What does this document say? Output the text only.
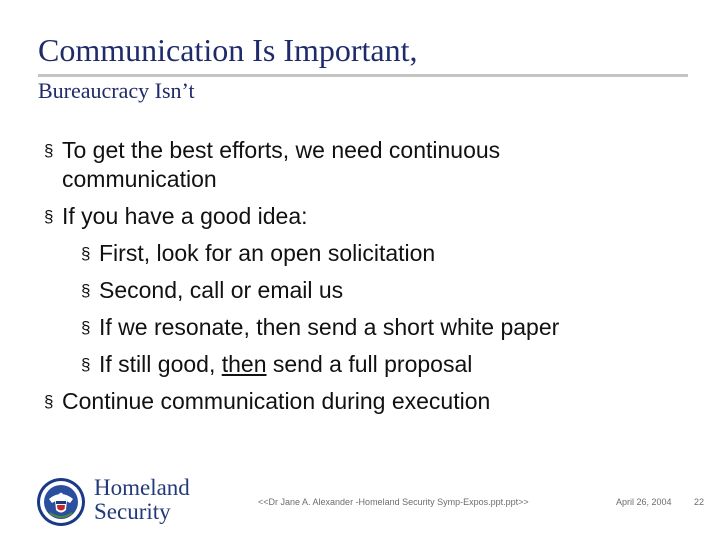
Communication Is Important,
Bureaucracy Isn’t
§ To get the best efforts, we need continuous communication
§ If you have a good idea:
§ First, look for an open solicitation
§ Second, call or email us
§ If we resonate, then send a short white paper
§ If still good, then send a full proposal
§ Continue communication during execution
Homeland
Security	<<Dr Jane A. Alexander -Homeland Security Symp-Expos.ppt.ppt>>	April 26, 2004 22
